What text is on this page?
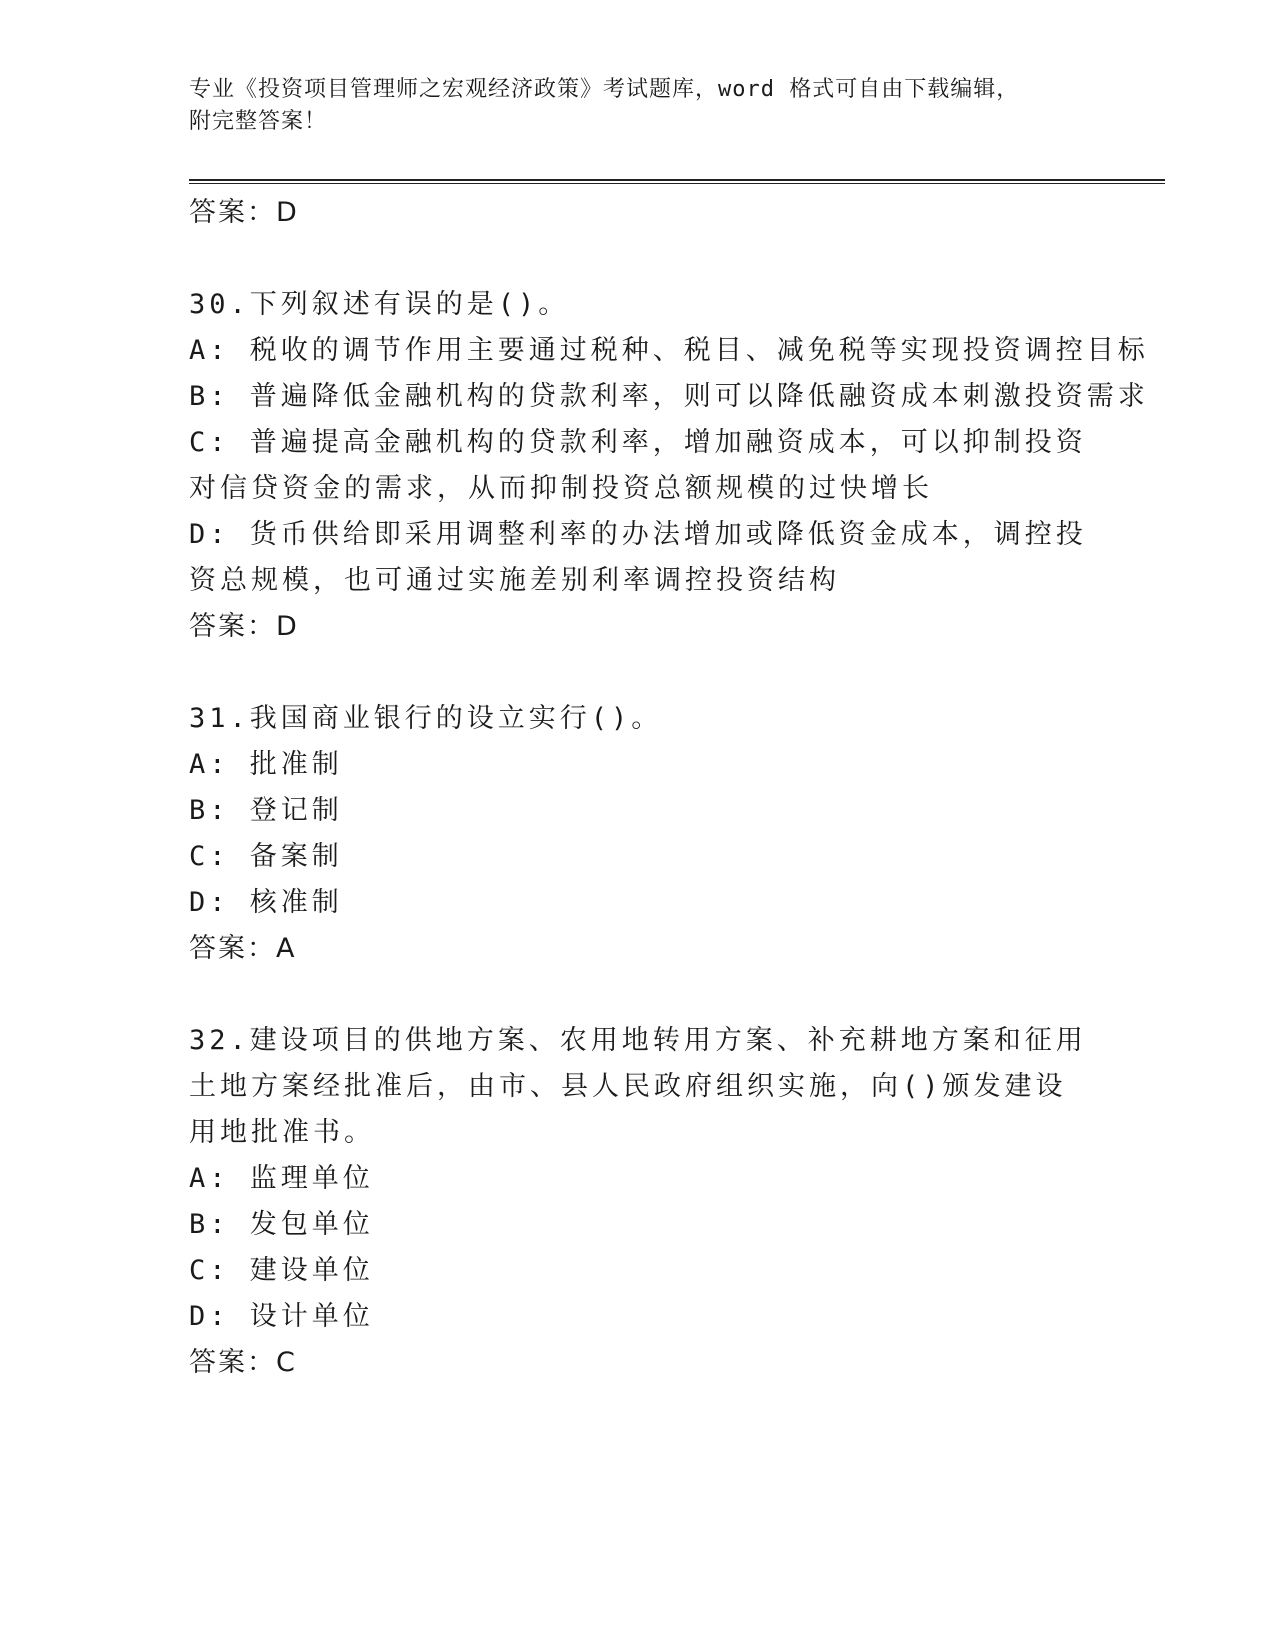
专业《投资项目管理师之宏观经济政策》考试题库，word 格式可自由下载编辑，

附完整答案！

答案：D

30.下列叙述有误的是()。

A: 税收的调节作用主要通过税种、税目、减免税等实现投资调控目标

B: 普遍降低金融机构的贷款利率，则可以降低融资成本刺激投资需求

C: 普遍提高金融机构的贷款利率，增加融资成本，可以抑制投资对信贷资金的需求，从而抑制投资总额规模的过快增长

D: 货币供给即采用调整利率的办法增加或降低资金成本，调控投资总规模，也可通过实施差别利率调控投资结构

答案：D

31.我国商业银行的设立实行()。

A: 批准制

B: 登记制

C: 备案制

D: 核准制

答案：A

32.建设项目的供地方案、农用地转用方案、补充耕地方案和征用土地方案经批准后，由市、县人民政府组织实施，向()颁发建设用地批准书。

A: 监理单位

B: 发包单位

C: 建设单位

D: 设计单位

答案：C
